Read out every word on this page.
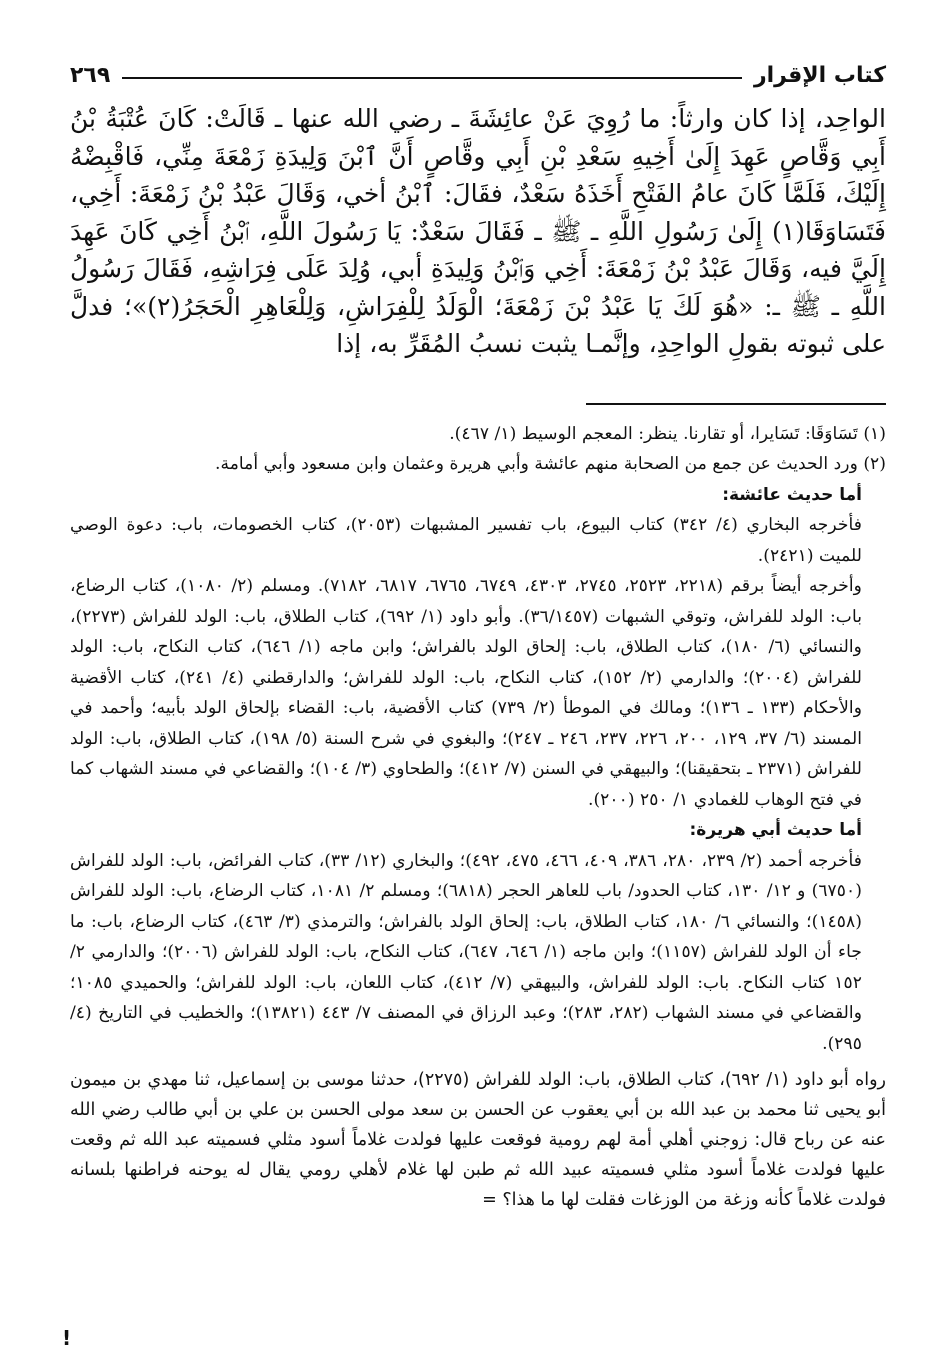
كتاب الإقرار
٢٦٩

الواحِد، إذا كان وارثاً: ما رُوِيَ عَنْ عائِشَةَ ـ رضي الله عنها ـ قَالَتْ: كَانَ عُتْبَةُ بْنُ أَبِي وَقَّاصٍ عَهِدَ إِلَىٰ أَخِيهِ سَعْدِ بْنِ أَبِي وقَّاصٍ أَنَّ ٱبْنَ وَلِيدَةِ زَمْعَةَ مِنِّي، فَاقْبِضْهُ إِلَيْكَ، فَلَمَّا كَانَ عامُ الفَتْحِ أَخَذَهُ سَعْدٌ، فقَالَ: ٱبْنُ أخي، وَقَالَ عَبْدُ بْنُ زَمْعَةَ: أَخِي، فَتَسَاوَقَا(١) إِلَىٰ رَسُولِ اللَّهِ ـ ﷺ ـ فَقَالَ سَعْدٌ: يَا رَسُولَ اللَّهِ، ٱبْنُ أَخِي كَانَ عَهِدَ إِلَيَّ فيه، وَقَالَ عَبْدُ بْنُ زَمْعَةَ: أَخِي وَٱبْنُ وَلِيدَةِ أبي، وُلِدَ عَلَى فِرَاشِهِ، فَقَالَ رَسُولُ اللَّهِ ـ ﷺ ـ: «هُوَ لَكَ يَا عَبْدُ بْنَ زَمْعَةَ؛ الْوَلَدُ لِلْفِرَاشِ، وَلِلْعَاهِرِ الْحَجَرُ(٢)»؛ فدلَّ على ثبوته بقولِ الواحِدِ، وإنَّمـا يثبت نسبُ المُقَرِّ به، إذا

(١) تَسَاوَقَا: تَسَايرا، أو تقارنا. ينظر: المعجم الوسيط (١/ ٤٦٧).

(٢) ورد الحديث عن جمع من الصحابة منهم عائشة وأبي هريرة وعثمان وابن مسعود وأبي أمامة.

أما حديث عائشة:

فأخرجه البخاري (٤/ ٣٤٢) كتاب البيوع، باب تفسير المشبهات (٢٠٥٣)، كتاب الخصومات، باب: دعوة الوصي للميت (٢٤٢١).

وأخرجه أيضاً برقم (٢٢١٨، ٢٥٢٣، ٢٧٤٥، ٤٣٠٣، ٦٧٤٩، ٦٧٦٥، ٦٨١٧، ٧١٨٢). ومسلم (٢/ ١٠٨٠)، كتاب الرضاع، باب: الولد للفراش، وتوقي الشبهات (٣٦/١٤٥٧). وأبو داود (١/ ٦٩٢)، كتاب الطلاق، باب: الولد للفراش (٢٢٧٣)، والنسائي (٦/ ١٨٠)، كتاب الطلاق، باب: إلحاق الولد بالفراش؛ وابن ماجه (١/ ٦٤٦)، كتاب النكاح، باب: الولد للفراش (٢٠٠٤)؛ والدارمي (٢/ ١٥٢)، كتاب النكاح، باب: الولد للفراش؛ والدارقطني (٤/ ٢٤١)، كتاب الأقضية والأحكام (١٣٣ ـ ١٣٦)؛ ومالك في الموطأ (٢/ ٧٣٩) كتاب الأقضية، باب: القضاء بإلحاق الولد بأبيه؛ وأحمد في المسند (٦/ ٣٧، ١٢٩، ٢٠٠، ٢٢٦، ٢٣٧، ٢٤٦ ـ ٢٤٧)؛ والبغوي في شرح السنة (٥/ ١٩٨)، كتاب الطلاق، باب: الولد للفراش (٢٣٧١ ـ بتحقيقنا)؛ والبيهقي في السنن (٧/ ٤١٢)؛ والطحاوي (٣/ ١٠٤)؛ والقضاعي في مسند الشهاب كما في فتح الوهاب للغمادي ١/ ٢٥٠ (٢٠٠).

أما حديث أبي هريرة:

فأخرجه أحمد (٢/ ٢٣٩، ٢٨٠، ٣٨٦، ٤٠٩، ٤٦٦، ٤٧٥، ٤٩٢)؛ والبخاري (١٢/ ٣٣)، كتاب الفرائض، باب: الولد للفراش (٦٧٥٠) و ١٢/ ١٣٠، كتاب الحدود/ باب للعاهر الحجر (٦٨١٨)؛ ومسلم ٢/ ١٠٨١، كتاب الرضاع، باب: الولد للفراش (١٤٥٨)؛ والنسائي ٦/ ١٨٠، كتاب الطلاق، باب: إلحاق الولد بالفراش؛ والترمذي (٣/ ٤٦٣)، كتاب الرضاع، باب: ما جاء أن الولد للفراش (١١٥٧)؛ وابن ماجه (١/ ٦٤٦، ٦٤٧)، كتاب النكاح، باب: الولد للفراش (٢٠٠٦)؛ والدارمي ٢/ ١٥٢ كتاب النكاح. باب: الولد للفراش، والبيهقي (٧/ ٤١٢)، كتاب اللعان، باب: الولد للفراش؛ والحميدي ١٠٨٥؛ والقضاعي في مسند الشهاب (٢٨٢، ٢٨٣)؛ وعبد الرزاق في المصنف ٧/ ٤٤٣ (١٣٨٢١)؛ والخطيب في التاريخ (٤/ ٢٩٥).

رواه أبو داود (١/ ٦٩٢)، كتاب الطلاق، باب: الولد للفراش (٢٢٧٥)، حدثنا موسى بن إسماعيل، ثنا مهدي بن ميمون أبو يحيى ثنا محمد بن عبد الله بن أبي يعقوب عن الحسن بن سعد مولى الحسن بن علي بن أبي طالب رضي الله عنه عن رباح قال: زوجني أهلي أمة لهم رومية فوقعت عليها فولدت غلاماً أسود مثلي فسميته عبد الله ثم وقعت عليها فولدت غلاماً أسود مثلي فسميته عبيد الله ثم طبن لها غلام لأهلي رومي يقال له يوحنه فراطنها بلسانه فولدت غلاماً كأنه وزغة من الوزغات فقلت لها ما هذا؟ =

!
